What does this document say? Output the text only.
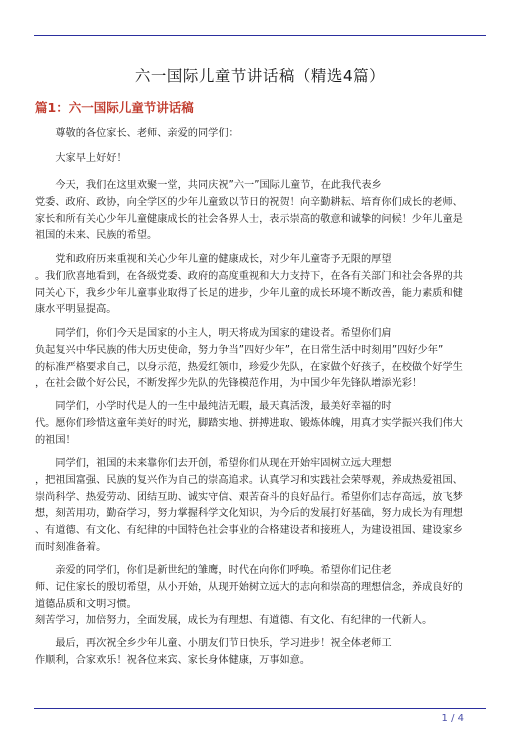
六一国际儿童节讲话稿（精选4篇）
篇1：六一国际儿童节讲话稿
　　尊敬的各位家长、老师、亲爱的同学们：
　　大家早上好好！
　　今天，我们在这里欢聚一堂，共同庆祝”六一”国际儿童节，在此我代表乡
党委、政府、政协，向全学区的少年儿童致以节日的祝贺！向辛勤耕耘、培育你们成长的老师、
家长和所有关心少年儿童健康成长的社会各界人士，表示崇高的敬意和诚挚的问候！少年儿童是
祖国的未来、民族的希望。
　　党和政府历来重视和关心少年儿童的健康成长，对少年儿童寄予无限的厚望
。我们欣喜地看到，在各级党委、政府的高度重视和大力支持下，在各有关部门和社会各界的共
同关心下，我乡少年儿童事业取得了长足的进步，少年儿童的成长环境不断改善，能力素质和健
康水平明显提高。
　　同学们，你们今天是国家的小主人，明天将成为国家的建设者。希望你们肩
负起复兴中华民族的伟大历史使命，努力争当”四好少年”，在日常生活中时刻用”四好少年”
的标准严格要求自己，以身示范，热爱红领巾，珍爱少先队，在家做个好孩子，在校做个好学生
，在社会做个好公民，不断发挥少先队的先锋模范作用，为中国少年先锋队增添光彩！
　　同学们，小学时代是人的一生中最纯洁无暇，最天真活泼，最美好幸福的时
代。愿你们珍惜这童年美好的时光，脚踏实地、拼搏进取、锻炼体魄，用真才实学振兴我们伟大
的祖国！
　　同学们，祖国的未来靠你们去开创，希望你们从现在开始牢固树立远大理想
，把祖国富强、民族的复兴作为自己的崇高追求。认真学习和实践社会荣辱观，养成热爱祖国、
崇尚科学、热爱劳动、团结互助、诚实守信、艰苦奋斗的良好品行。希望你们志存高远，放飞梦
想，刻苦用功，勤奋学习，努力掌握科学文化知识，为今后的发展打好基础，努力成长为有理想
、有道德、有文化、有纪律的中国特色社会事业的合格建设者和接班人，为建设祖国、建设家乡
而时刻准备着。
　　亲爱的同学们，你们是新世纪的雏鹰，时代在向你们呼唤。希望你们记住老
师、记住家长的殷切希望，从小开始，从现开始树立远大的志向和崇高的理想信念，养成良好的
道德品质和文明习惯。
刻苦学习，加倍努力，全面发展，成长为有理想、有道德、有文化、有纪律的一代新人。
　　最后，再次祝全乡少年儿童、小朋友们节日快乐，学习进步！祝全体老师工
作顺利，合家欢乐！祝各位来宾、家长身体健康，万事如意。
1 / 4
